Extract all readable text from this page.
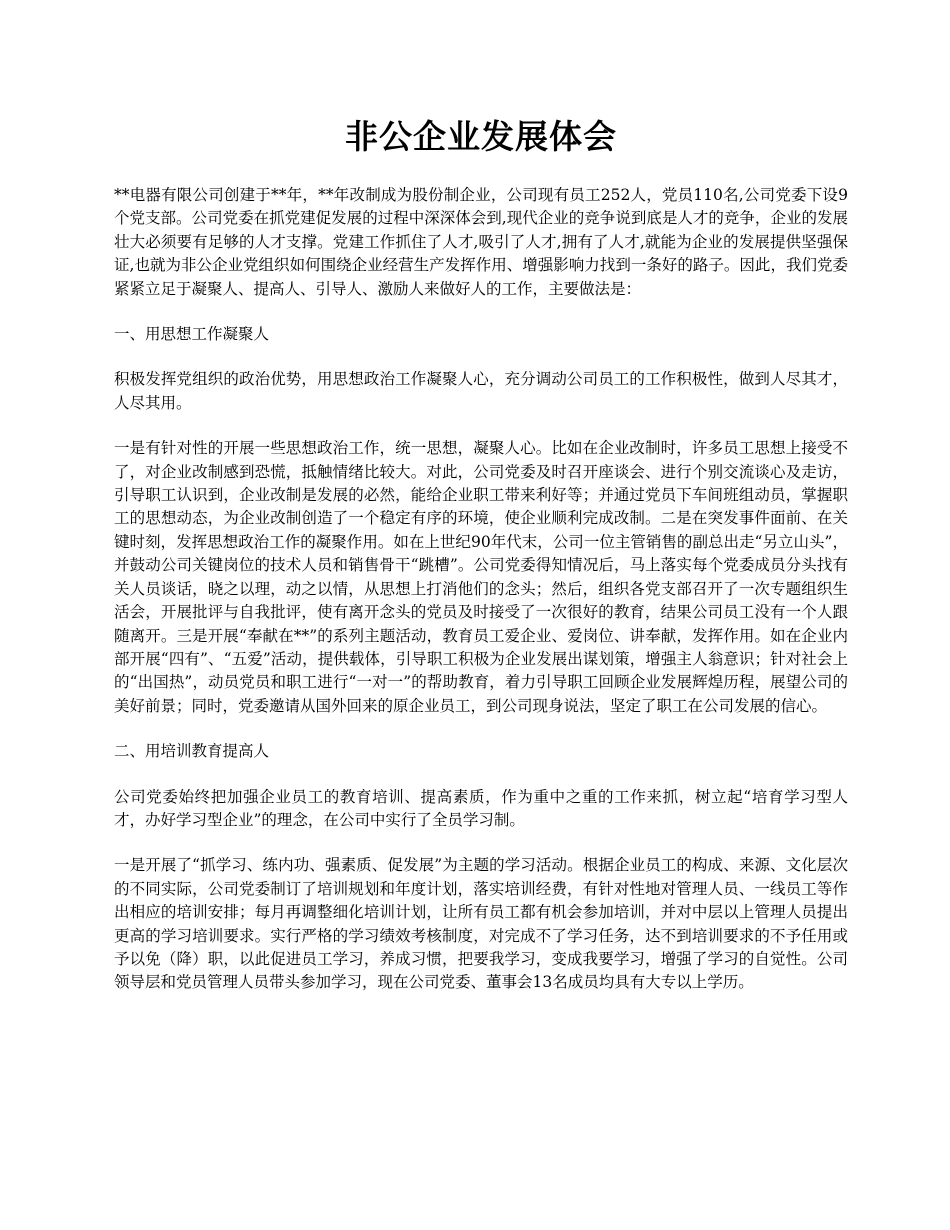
非公企业发展体会

**电器有限公司创建于**年，**年改制成为股份制企业，公司现有员工252人，党员110名,公司党委下设9个党支部。公司党委在抓党建促发展的过程中深深体会到,现代企业的竞争说到底是人才的竞争，企业的发展壮大必须要有足够的人才支撑。党建工作抓住了人才,吸引了人才,拥有了人才,就能为企业的发展提供坚强保证,也就为非公企业党组织如何围绕企业经营生产发挥作用、增强影响力找到一条好的路子。因此，我们党委紧紧立足于凝聚人、提高人、引导人、激励人来做好人的工作，主要做法是：

一、用思想工作凝聚人

积极发挥党组织的政治优势，用思想政治工作凝聚人心，充分调动公司员工的工作积极性，做到人尽其才，人尽其用。

一是有针对性的开展一些思想政治工作，统一思想，凝聚人心。比如在企业改制时，许多员工思想上接受不了，对企业改制感到恐慌，抵触情绪比较大。对此，公司党委及时召开座谈会、进行个别交流谈心及走访，引导职工认识到，企业改制是发展的必然，能给企业职工带来利好等；并通过党员下车间班组动员，掌握职工的思想动态，为企业改制创造了一个稳定有序的环境，使企业顺利完成改制。二是在突发事件面前、在关键时刻，发挥思想政治工作的凝聚作用。如在上世纪90年代末，公司一位主管销售的副总出走“另立山头”，并鼓动公司关键岗位的技术人员和销售骨干“跳槽”。公司党委得知情况后，马上落实每个党委成员分头找有关人员谈话，晓之以理，动之以情，从思想上打消他们的念头；然后，组织各党支部召开了一次专题组织生活会，开展批评与自我批评，使有离开念头的党员及时接受了一次很好的教育，结果公司员工没有一个人跟随离开。三是开展“奉献在**”的系列主题活动，教育员工爱企业、爱岗位、讲奉献，发挥作用。如在企业内部开展“四有”、“五爱”活动，提供载体，引导职工积极为企业发展出谋划策，增强主人翁意识；针对社会上的“出国热”，动员党员和职工进行“一对一”的帮助教育，着力引导职工回顾企业发展辉煌历程，展望公司的美好前景；同时，党委邀请从国外回来的原企业员工，到公司现身说法，坚定了职工在公司发展的信心。

二、用培训教育提高人

公司党委始终把加强企业员工的教育培训、提高素质，作为重中之重的工作来抓，树立起“培育学习型人才，办好学习型企业”的理念，在公司中实行了全员学习制。

一是开展了“抓学习、练内功、强素质、促发展”为主题的学习活动。根据企业员工的构成、来源、文化层次的不同实际，公司党委制订了培训规划和年度计划，落实培训经费，有针对性地对管理人员、一线员工等作出相应的培训安排；每月再调整细化培训计划，让所有员工都有机会参加培训，并对中层以上管理人员提出更高的学习培训要求。实行严格的学习绩效考核制度，对完成不了学习任务，达不到培训要求的不予任用或予以免（降）职，以此促进员工学习，养成习惯，把要我学习，变成我要学习，增强了学习的自觉性。公司领导层和党员管理人员带头参加学习，现在公司党委、董事会13名成员均具有大专以上学历。
